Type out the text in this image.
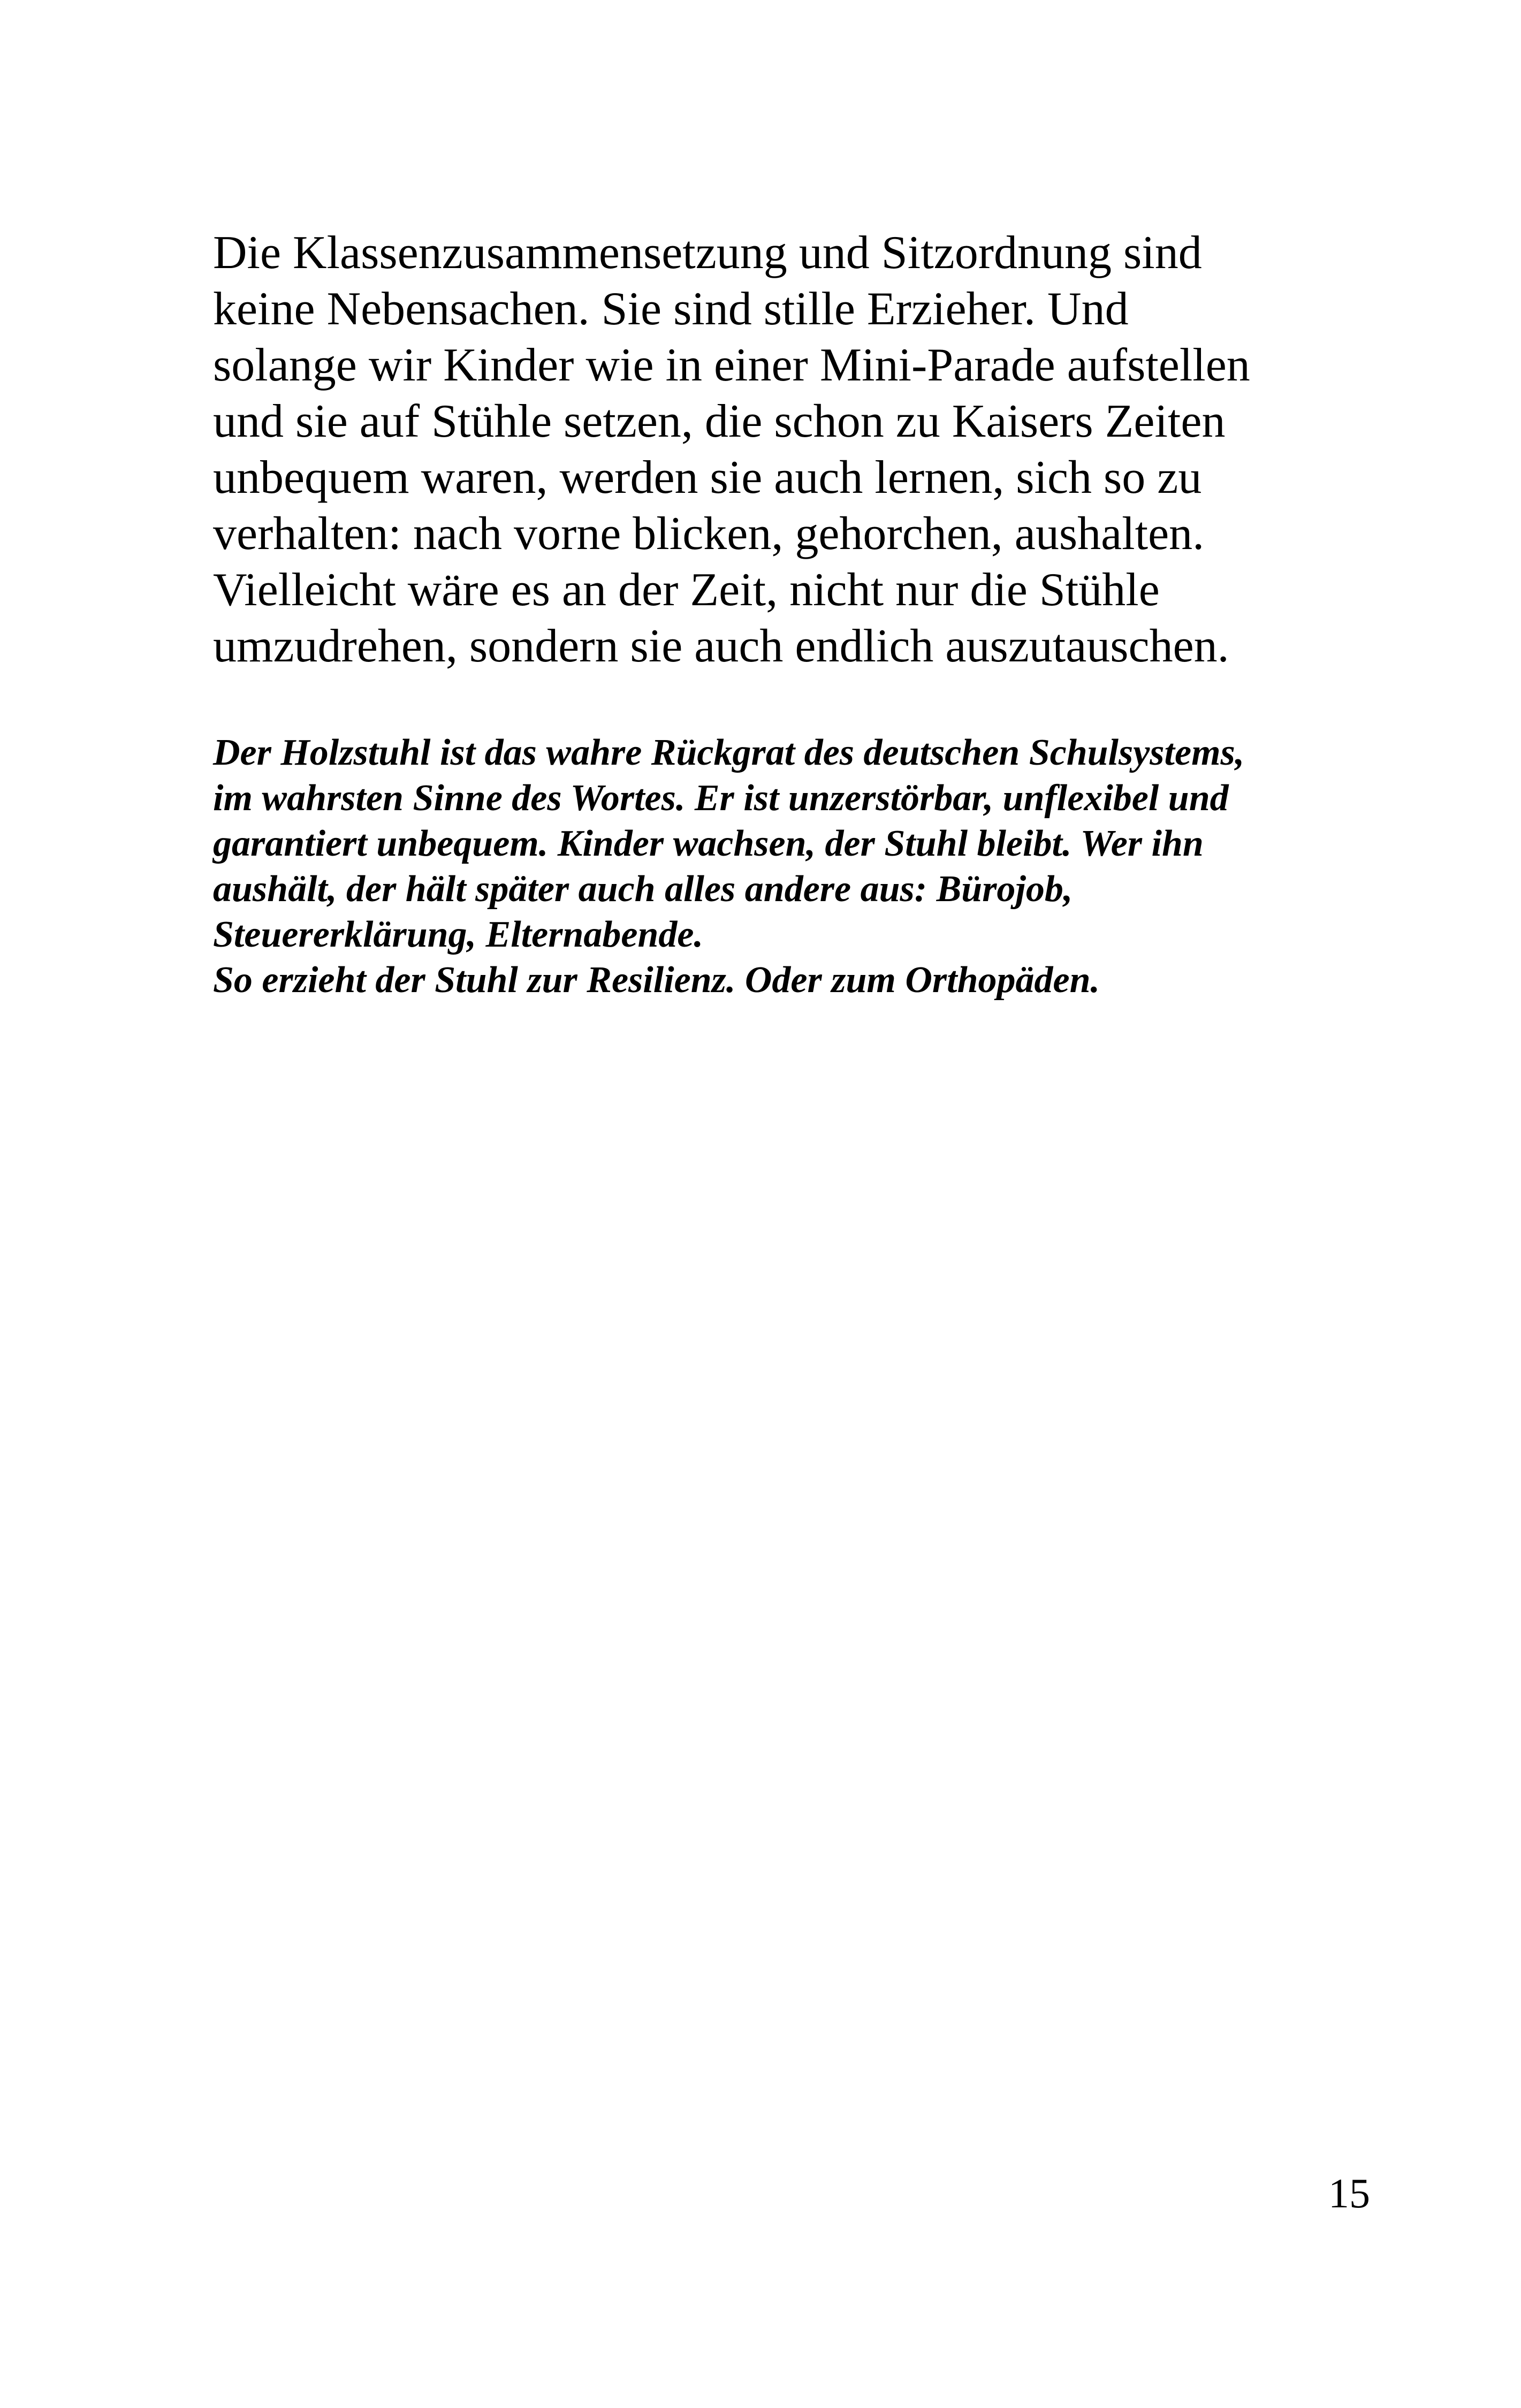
Die Klassenzusammensetzung und Sitzordnung sind
keine Nebensachen. Sie sind stille Erzieher. Und
solange wir Kinder wie in einer Mini-Parade aufstellen
und sie auf Stühle setzen, die schon zu Kaisers Zeiten
unbequem waren, werden sie auch lernen, sich so zu
verhalten: nach vorne blicken, gehorchen, aushalten.
Vielleicht wäre es an der Zeit, nicht nur die Stühle
umzudrehen, sondern sie auch endlich auszutauschen.
Der Holzstuhl ist das wahre Rückgrat des deutschen Schulsystems,
im wahrsten Sinne des Wortes. Er ist unzerstörbar, unflexibel und
garantiert unbequem. Kinder wachsen, der Stuhl bleibt. Wer ihn
aushält, der hält später auch alles andere aus: Bürojob,
Steuererklärung, Elternabende.
So erzieht der Stuhl zur Resilienz. Oder zum Orthopäden.
15
